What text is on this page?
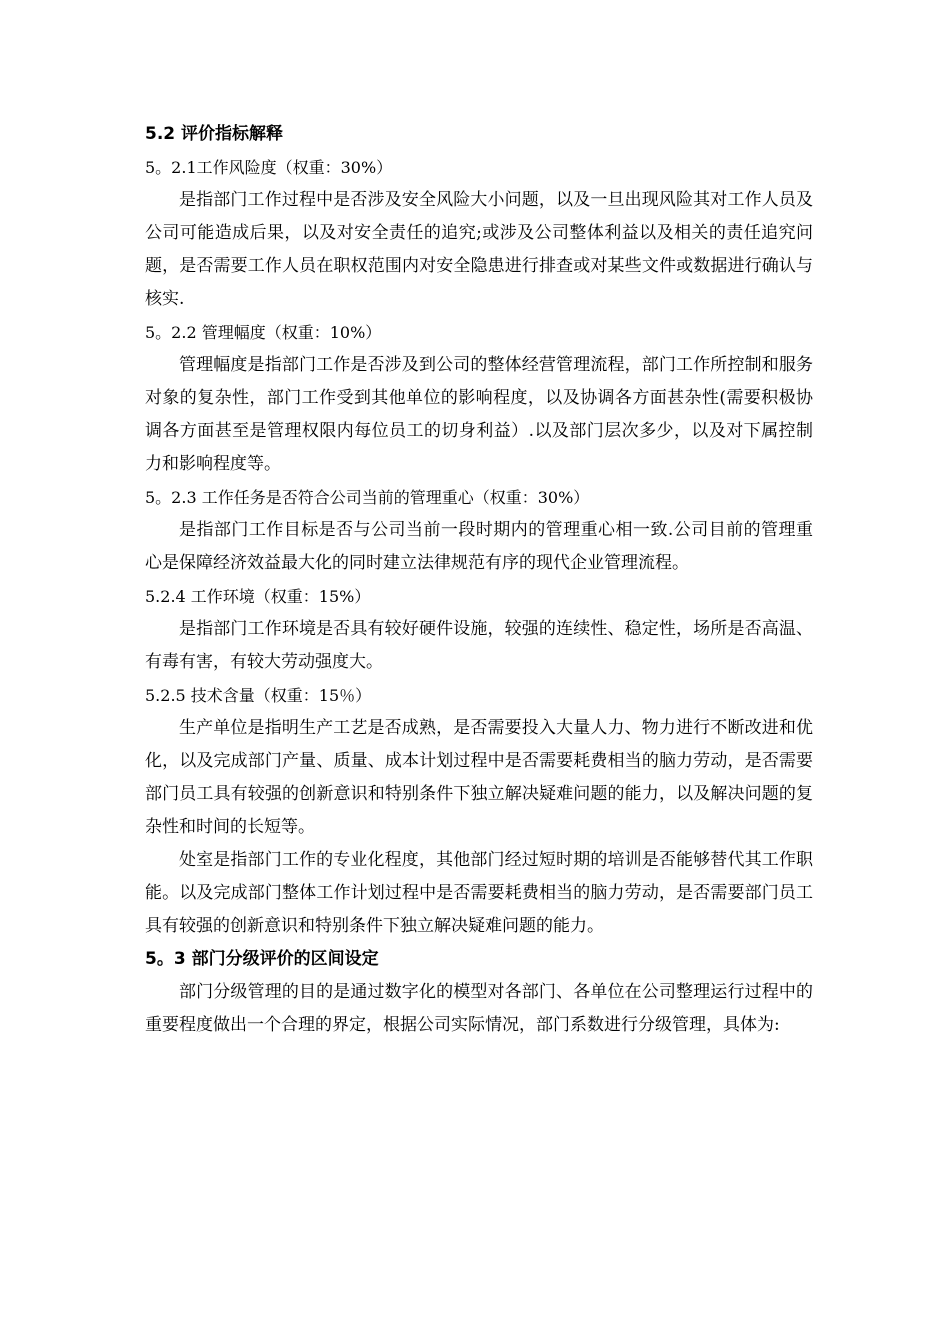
5.2 评价指标解释

5。2.1工作风险度（权重：30%）

是指部门工作过程中是否涉及安全风险大小问题，以及一旦出现风险其对工作人员及公司可能造成后果，以及对安全责任的追究;或涉及公司整体利益以及相关的责任追究问题，是否需要工作人员在职权范围内对安全隐患进行排查或对某些文件或数据进行确认与核实.

5。2.2 管理幅度（权重：10%）

管理幅度是指部门工作是否涉及到公司的整体经营管理流程，部门工作所控制和服务对象的复杂性，部门工作受到其他单位的影响程度，以及协调各方面甚杂性(需要积极协调各方面甚至是管理权限内每位员工的切身利益）.以及部门层次多少，以及对下属控制力和影响程度等。

5。2.3 工作任务是否符合公司当前的管理重心（权重：30%）

是指部门工作目标是否与公司当前一段时期内的管理重心相一致.公司目前的管理重心是保障经济效益最大化的同时建立法律规范有序的现代企业管理流程。

5.2.4 工作环境（权重：15%）

是指部门工作环境是否具有较好硬件设施，较强的连续性、稳定性，场所是否高温、有毒有害，有较大劳动强度大。

5.2.5 技术含量（权重：15％）

生产单位是指明生产工艺是否成熟，是否需要投入大量人力、物力进行不断改进和优化，以及完成部门产量、质量、成本计划过程中是否需要耗费相当的脑力劳动，是否需要部门员工具有较强的创新意识和特别条件下独立解决疑难问题的能力，以及解决问题的复杂性和时间的长短等。

处室是指部门工作的专业化程度，其他部门经过短时期的培训是否能够替代其工作职能。以及完成部门整体工作计划过程中是否需要耗费相当的脑力劳动，是否需要部门员工具有较强的创新意识和特别条件下独立解决疑难问题的能力。

5。3 部门分级评价的区间设定

部门分级管理的目的是通过数字化的模型对各部门、各单位在公司整理运行过程中的重要程度做出一个合理的界定，根据公司实际情况，部门系数进行分级管理，具体为:
